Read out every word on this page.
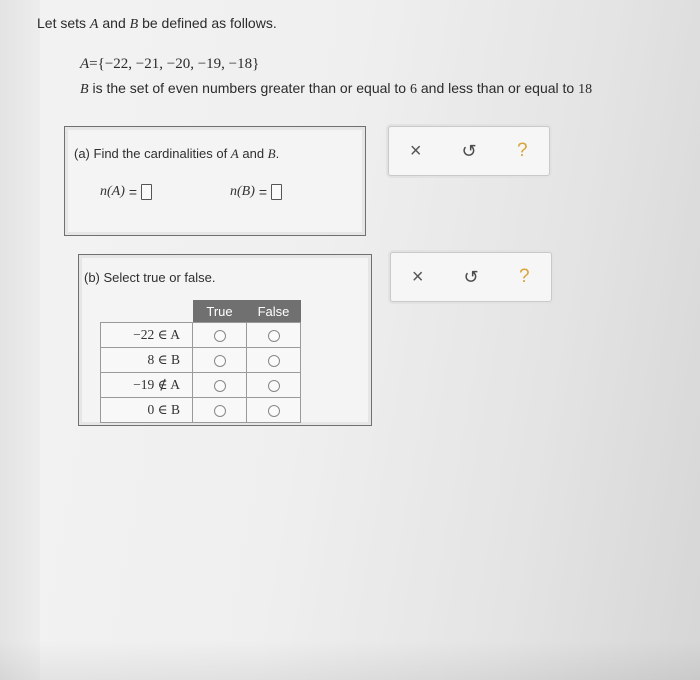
Let sets A and B be defined as follows.
A={−22, −21, −20, −19, −18}
B is the set of even numbers greater than or equal to 6 and less than or equal to 18
(a) Find the cardinalities of A and B.
n(A) =	n(B) =
×	↺	?
(b) Select true or false.
	True	False
−22 ∈ A		
8 ∈ B		
−19 ∉ A		
0 ∈ B		
×	↺	?
